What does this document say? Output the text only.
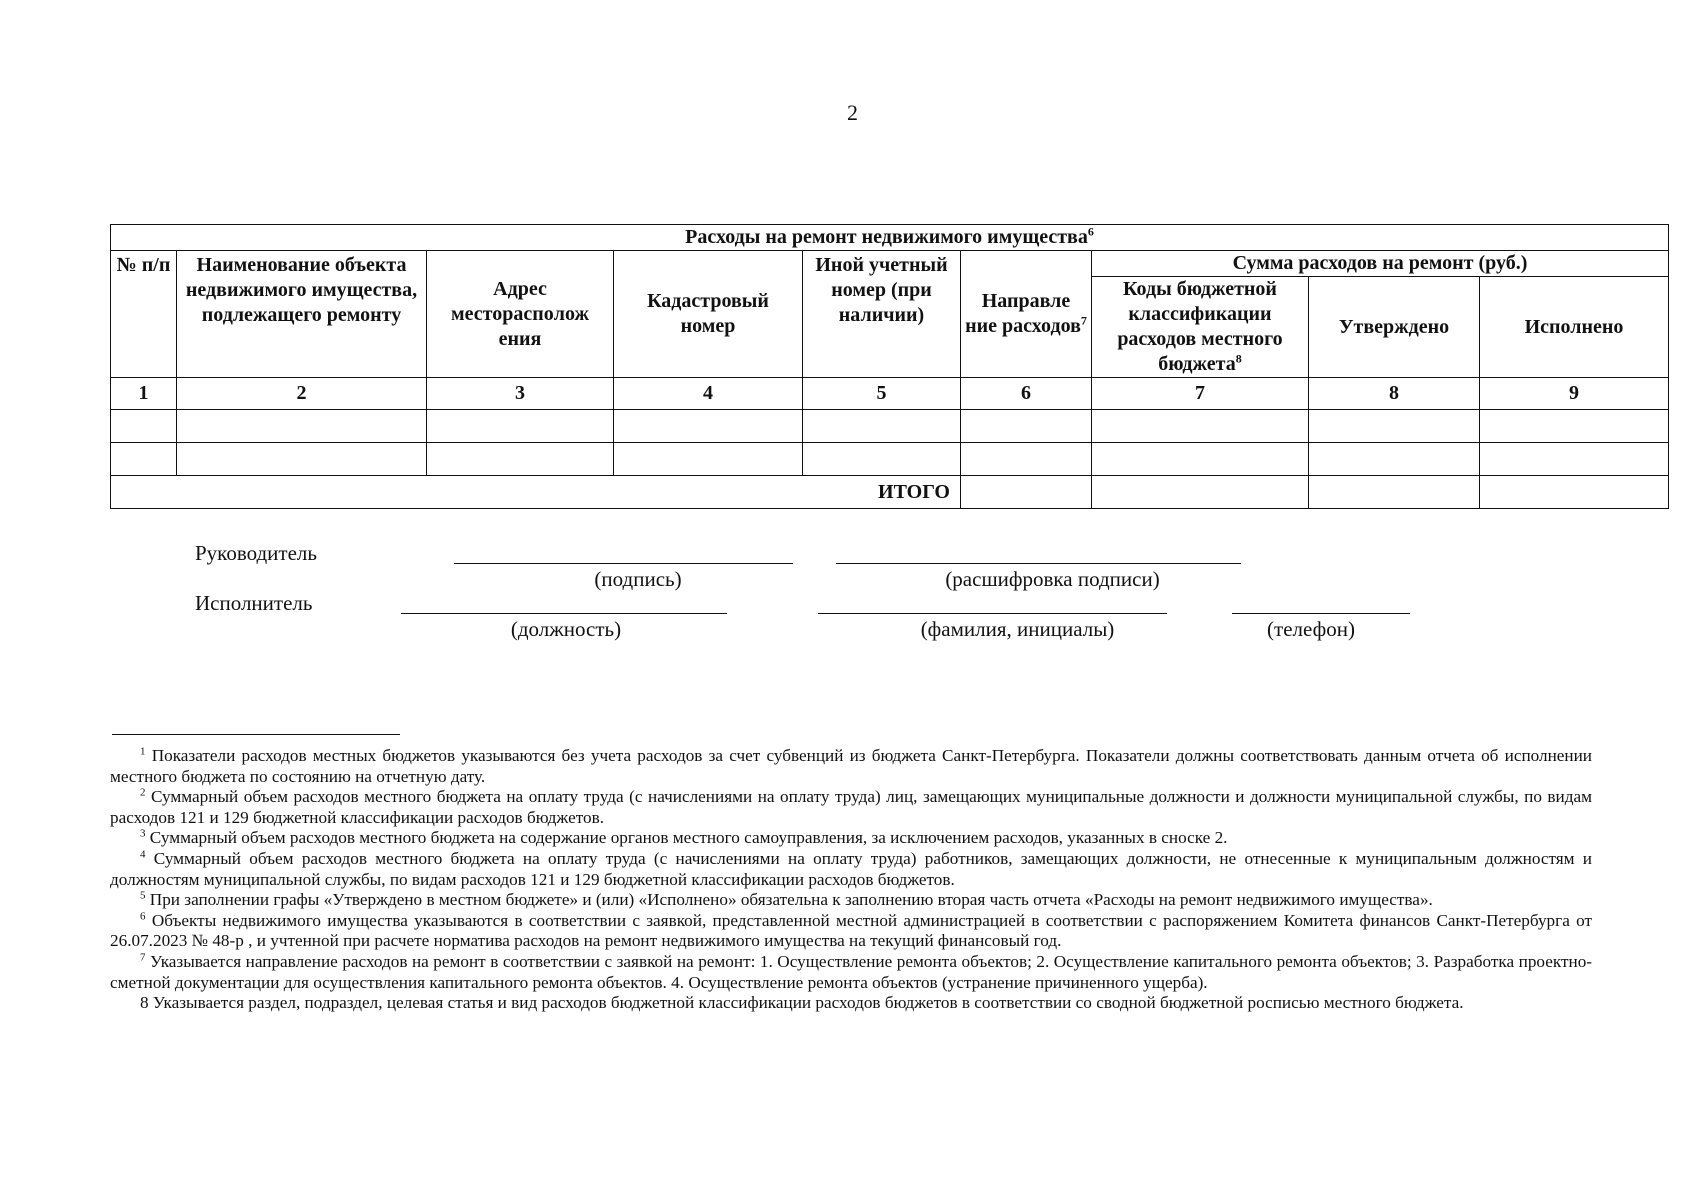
2
Расходы на ремонт недвижимого имущества$^6$
№ п/п	Наименование объекта недвижимого имущества, подлежащего ремонту	Адрес местораспoлож ения	Кадастровый номер	Иной учетный номер (при наличии)	Направле ние расходов$^7$	Сумма расходов на ремонт (руб.)		
						Коды бюджетной классификации расходов местного бюджета$^8$	Утверждено	Исполнено
1	2	3	4	5	6	7	8	9

ИТОГО								
Руководитель
(подпись)	(расшифровка подписи)
Исполнитель
(должность)	(фамилия, инициалы)	(телефон)

$^1$ Показатели расходов местных бюджетов указываются без учета расходов за счет субвенций из бюджета Санкт-Петербурга. Показатели должны соответствовать данным отчета об исполнении местного бюджета по состоянию на отчетную дату.

$^2$ Суммарный объем расходов местного бюджета на оплату труда (с начислениями на оплату труда) лиц, замещающих муниципальные должности и должности муниципальной службы, по видам расходов 121 и 129 бюджетной классификации расходов бюджетов.

$^3$ Суммарный объем расходов местного бюджета на содержание органов местного самоуправления, за исключением расходов, указанных в сноске 2.

$^4$ Суммарный объем расходов местного бюджета на оплату труда (с начислениями на оплату труда) работников, замещающих должности, не отнесенные к муниципальным должностям и должностям муниципальной службы, по видам расходов 121 и 129 бюджетной классификации расходов бюджетов.

$^5$ При заполнении графы «Утверждено в местном бюджете» и (или) «Исполнено» обязательна к заполнению вторая часть отчета «Расходы на ремонт недвижимого имущества».

$^6$ Объекты недвижимого имущества указываются в соответствии с заявкой, представленной местной администрацией в соответствии с распоряжением Комитета финансов Санкт-Петербурга от 26.07.2023 № 48-р , и учтенной при расчете норматива расходов на ремонт недвижимого имущества на текущий финансовый год.

$^7$ Указывается направление расходов на ремонт в соответствии с заявкой на ремонт: 1. Осуществление ремонта объектов; 2. Осуществление капитального ремонта объектов; 3. Разработка проектно-сметной документации для осуществления капитального ремонта объектов. 4. Осуществление ремонта объектов (устранение причиненного ущерба).

8 Указывается раздел, подраздел, целевая статья и вид расходов бюджетной классификации расходов бюджетов в соответствии со сводной бюджетной росписью местного бюджета.
